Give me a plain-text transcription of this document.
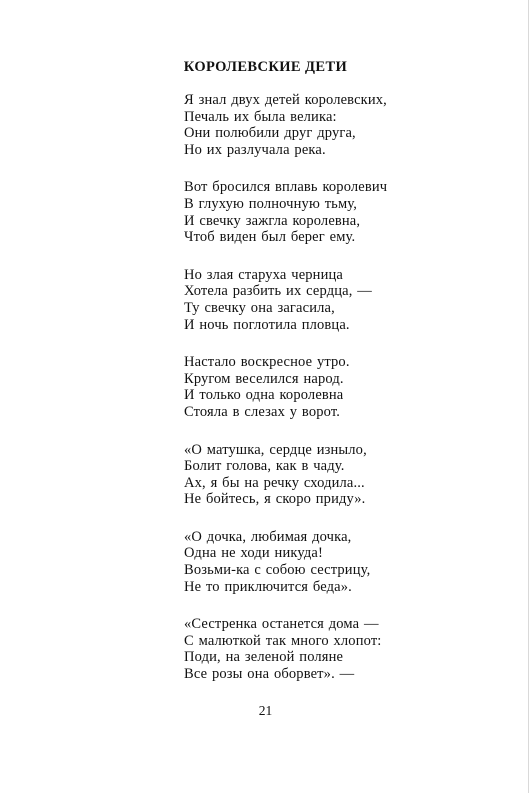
КОРОЛЕВСКИЕ ДЕТИ
Я знал двух детей королевских,
Печаль их была велика:
Они полюбили друг друга,
Но их разлучала река.
Вот бросился вплавь королевич
В глухую полночную тьму,
И свечку зажгла королевна,
Чтоб виден был берег ему.
Но злая старуха черница
Хотела разбить их сердца, —
Ту свечку она загасила,
И ночь поглотила пловца.
Настало воскресное утро.
Кругом веселился народ.
И только одна королевна
Стояла в слезах у ворот.
«О матушка, сердце изныло,
Болит голова, как в чаду.
Ах, я бы на речку сходила...
Не бойтесь, я скоро приду».
«О дочка, любимая дочка,
Одна не ходи никуда!
Возьми-ка с собою сестрицу,
Не то приключится беда».
«Сестренка останется дома —
С малюткой так много хлопот:
Поди, на зеленой поляне
Все розы она оборвет». —
21
